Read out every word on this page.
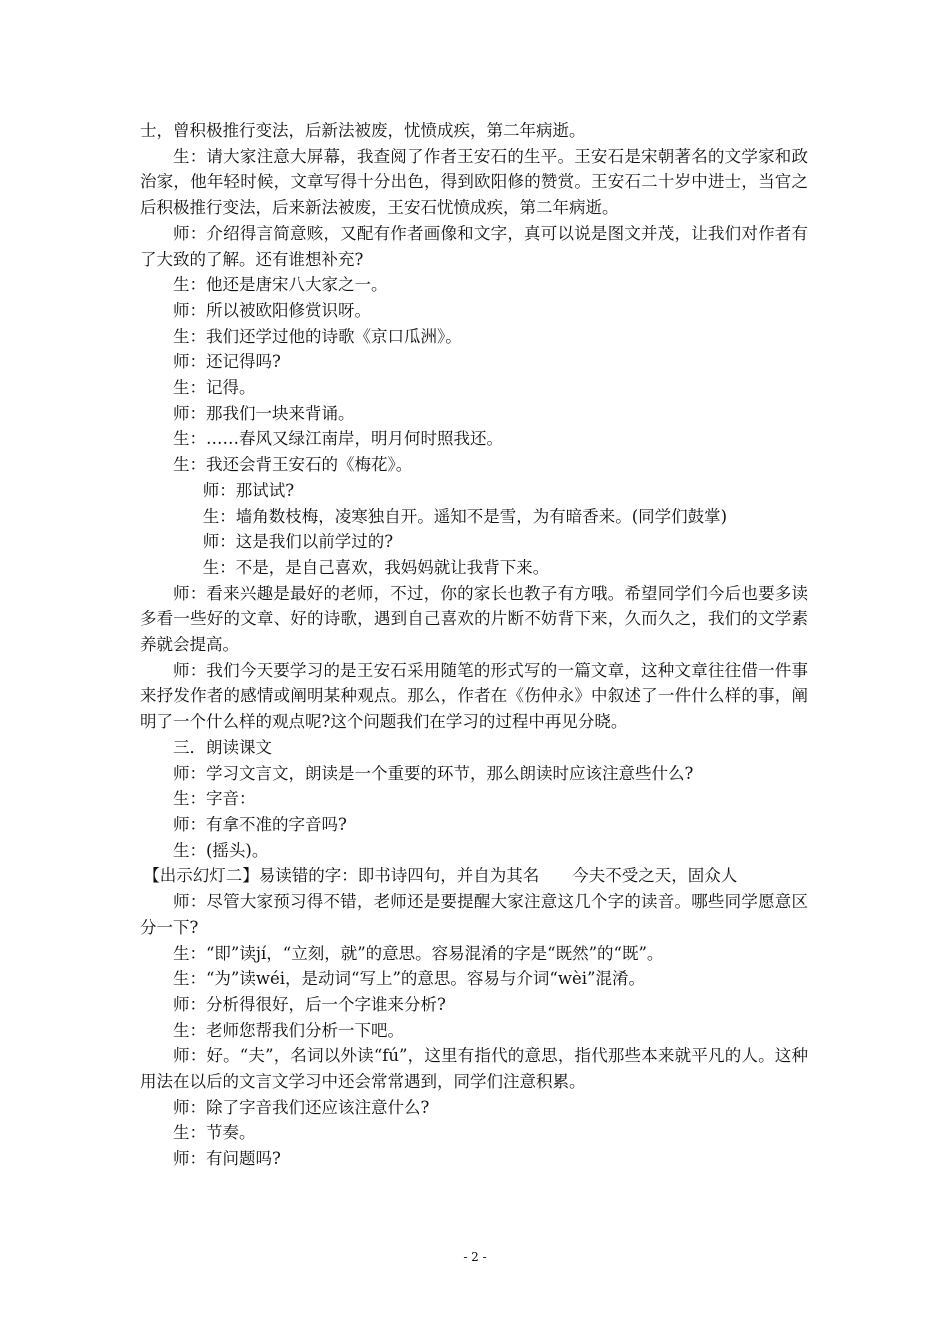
士，曾积极推行变法，后新法被废，忧愤成疾，第二年病逝。

生：请大家注意大屏幕，我查阅了作者王安石的生平。王安石是宋朝著名的文学家和政治家，他年轻时候，文章写得十分出色，得到欧阳修的赞赏。王安石二十岁中进士，当官之后积极推行变法，后来新法被废，王安石忧愤成疾，第二年病逝。

师：介绍得言简意赅，又配有作者画像和文字，真可以说是图文并茂，让我们对作者有了大致的了解。还有谁想补充?

生：他还是唐宋八大家之一。

师：所以被欧阳修赏识呀。

生：我们还学过他的诗歌《京口瓜洲》。

师：还记得吗?

生：记得。

师：那我们一块来背诵。

生：……春风又绿江南岸，明月何时照我还。

生：我还会背王安石的《梅花》。

师：那试试?

生：墙角数枝梅，凌寒独自开。遥知不是雪，为有暗香来。(同学们鼓掌)

师：这是我们以前学过的?

生：不是，是自己喜欢，我妈妈就让我背下来。

师：看来兴趣是最好的老师，不过，你的家长也教子有方哦。希望同学们今后也要多读多看一些好的文章、好的诗歌，遇到自己喜欢的片断不妨背下来，久而久之，我们的文学素养就会提高。

师：我们今天要学习的是王安石采用随笔的形式写的一篇文章，这种文章往往借一件事来抒发作者的感情或阐明某种观点。那么，作者在《伤仲永》中叙述了一件什么样的事，阐明了一个什么样的观点呢?这个问题我们在学习的过程中再见分晓。

三．朗读课文

师：学习文言文，朗读是一个重要的环节，那么朗读时应该注意些什么?

生：字音：

师：有拿不准的字音吗?

生：(摇头)。

【出示幻灯二】易读错的字：即书诗四句，并自为其名　　今夫不受之天，固众人

师：尽管大家预习得不错，老师还是要提醒大家注意这几个字的读音。哪些同学愿意区分一下?

生：“即”读jí，“立刻，就”的意思。容易混淆的字是“既然”的“既”。

生：“为”读wéi，是动词“写上”的意思。容易与介词“wèi”混淆。

师：分析得很好，后一个字谁来分析?

生：老师您帮我们分析一下吧。

师：好。“夫”，名词以外读“fú”，这里有指代的意思，指代那些本来就平凡的人。这种用法在以后的文言文学习中还会常常遇到，同学们注意积累。

师：除了字音我们还应该注意什么?

生：节奏。

师：有问题吗?

- 2 -
